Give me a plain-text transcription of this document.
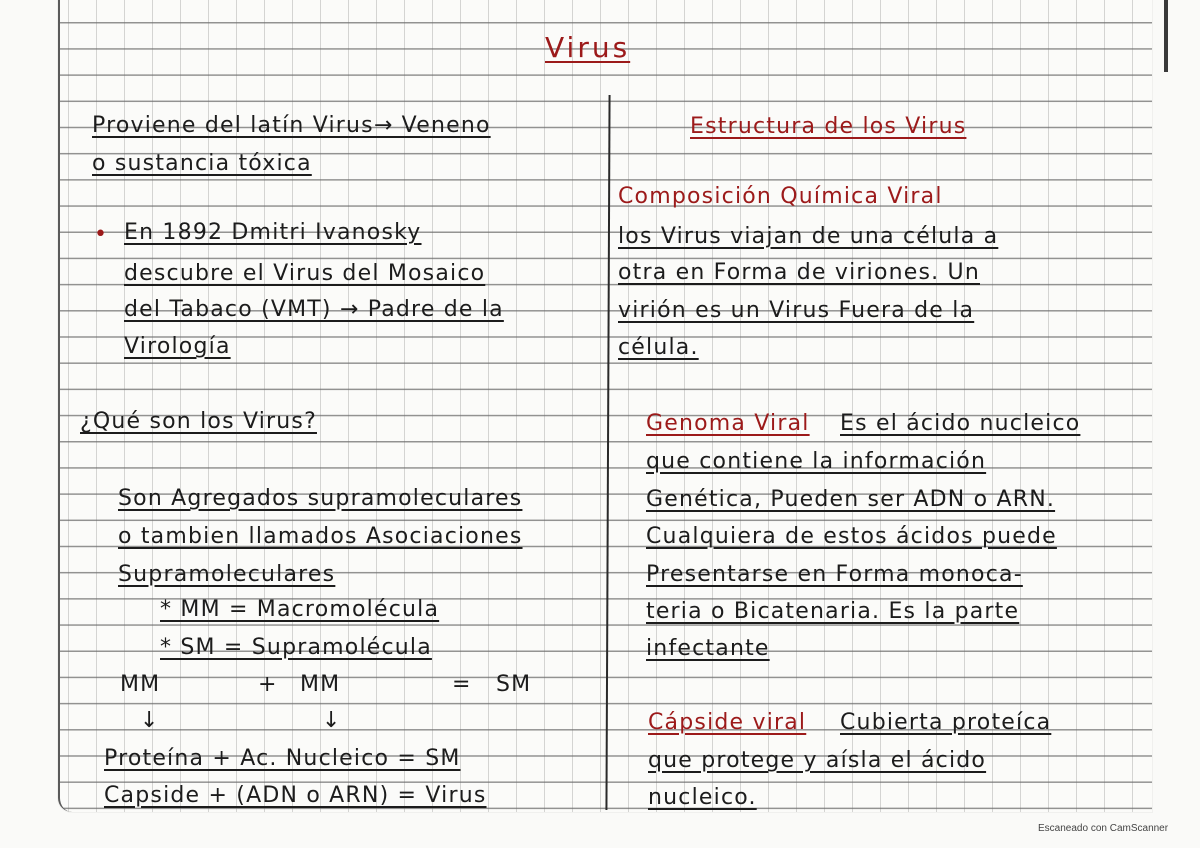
Virus
Proviene del latín Virus→ Veneno
o sustancia tóxica
• En 1892 Dmitri Ivanosky
descubre el Virus del Mosaico
del Tabaco (VMT) → Padre de la
Virología
¿Qué son los Virus?
Son Agregados supramoleculares
o tambien llamados Asociaciones
Supramoleculares
* MM = Macromolécula
* SM = Supramolécula
MM	+ MM	= SM
↓	↓
Proteína + Ac. Nucleico = SM
Capside + (ADN o ARN) = Virus
Estructura de los Virus
Composición Química Viral
los Virus viajan de una célula a
otra en Forma de viriones. Un
virión es un Virus Fuera de la
célula.
Genoma Viral Es el ácido nucleico
que contiene la información
Genética, Pueden ser ADN o ARN.
Cualquiera de estos ácidos puede
Presentarse en Forma monoca-
teria o Bicatenaria. Es la parte
infectante
Cápside viral Cubierta proteíca
que protege y aísla el ácido
nucleico.
Escaneado con CamScanner
